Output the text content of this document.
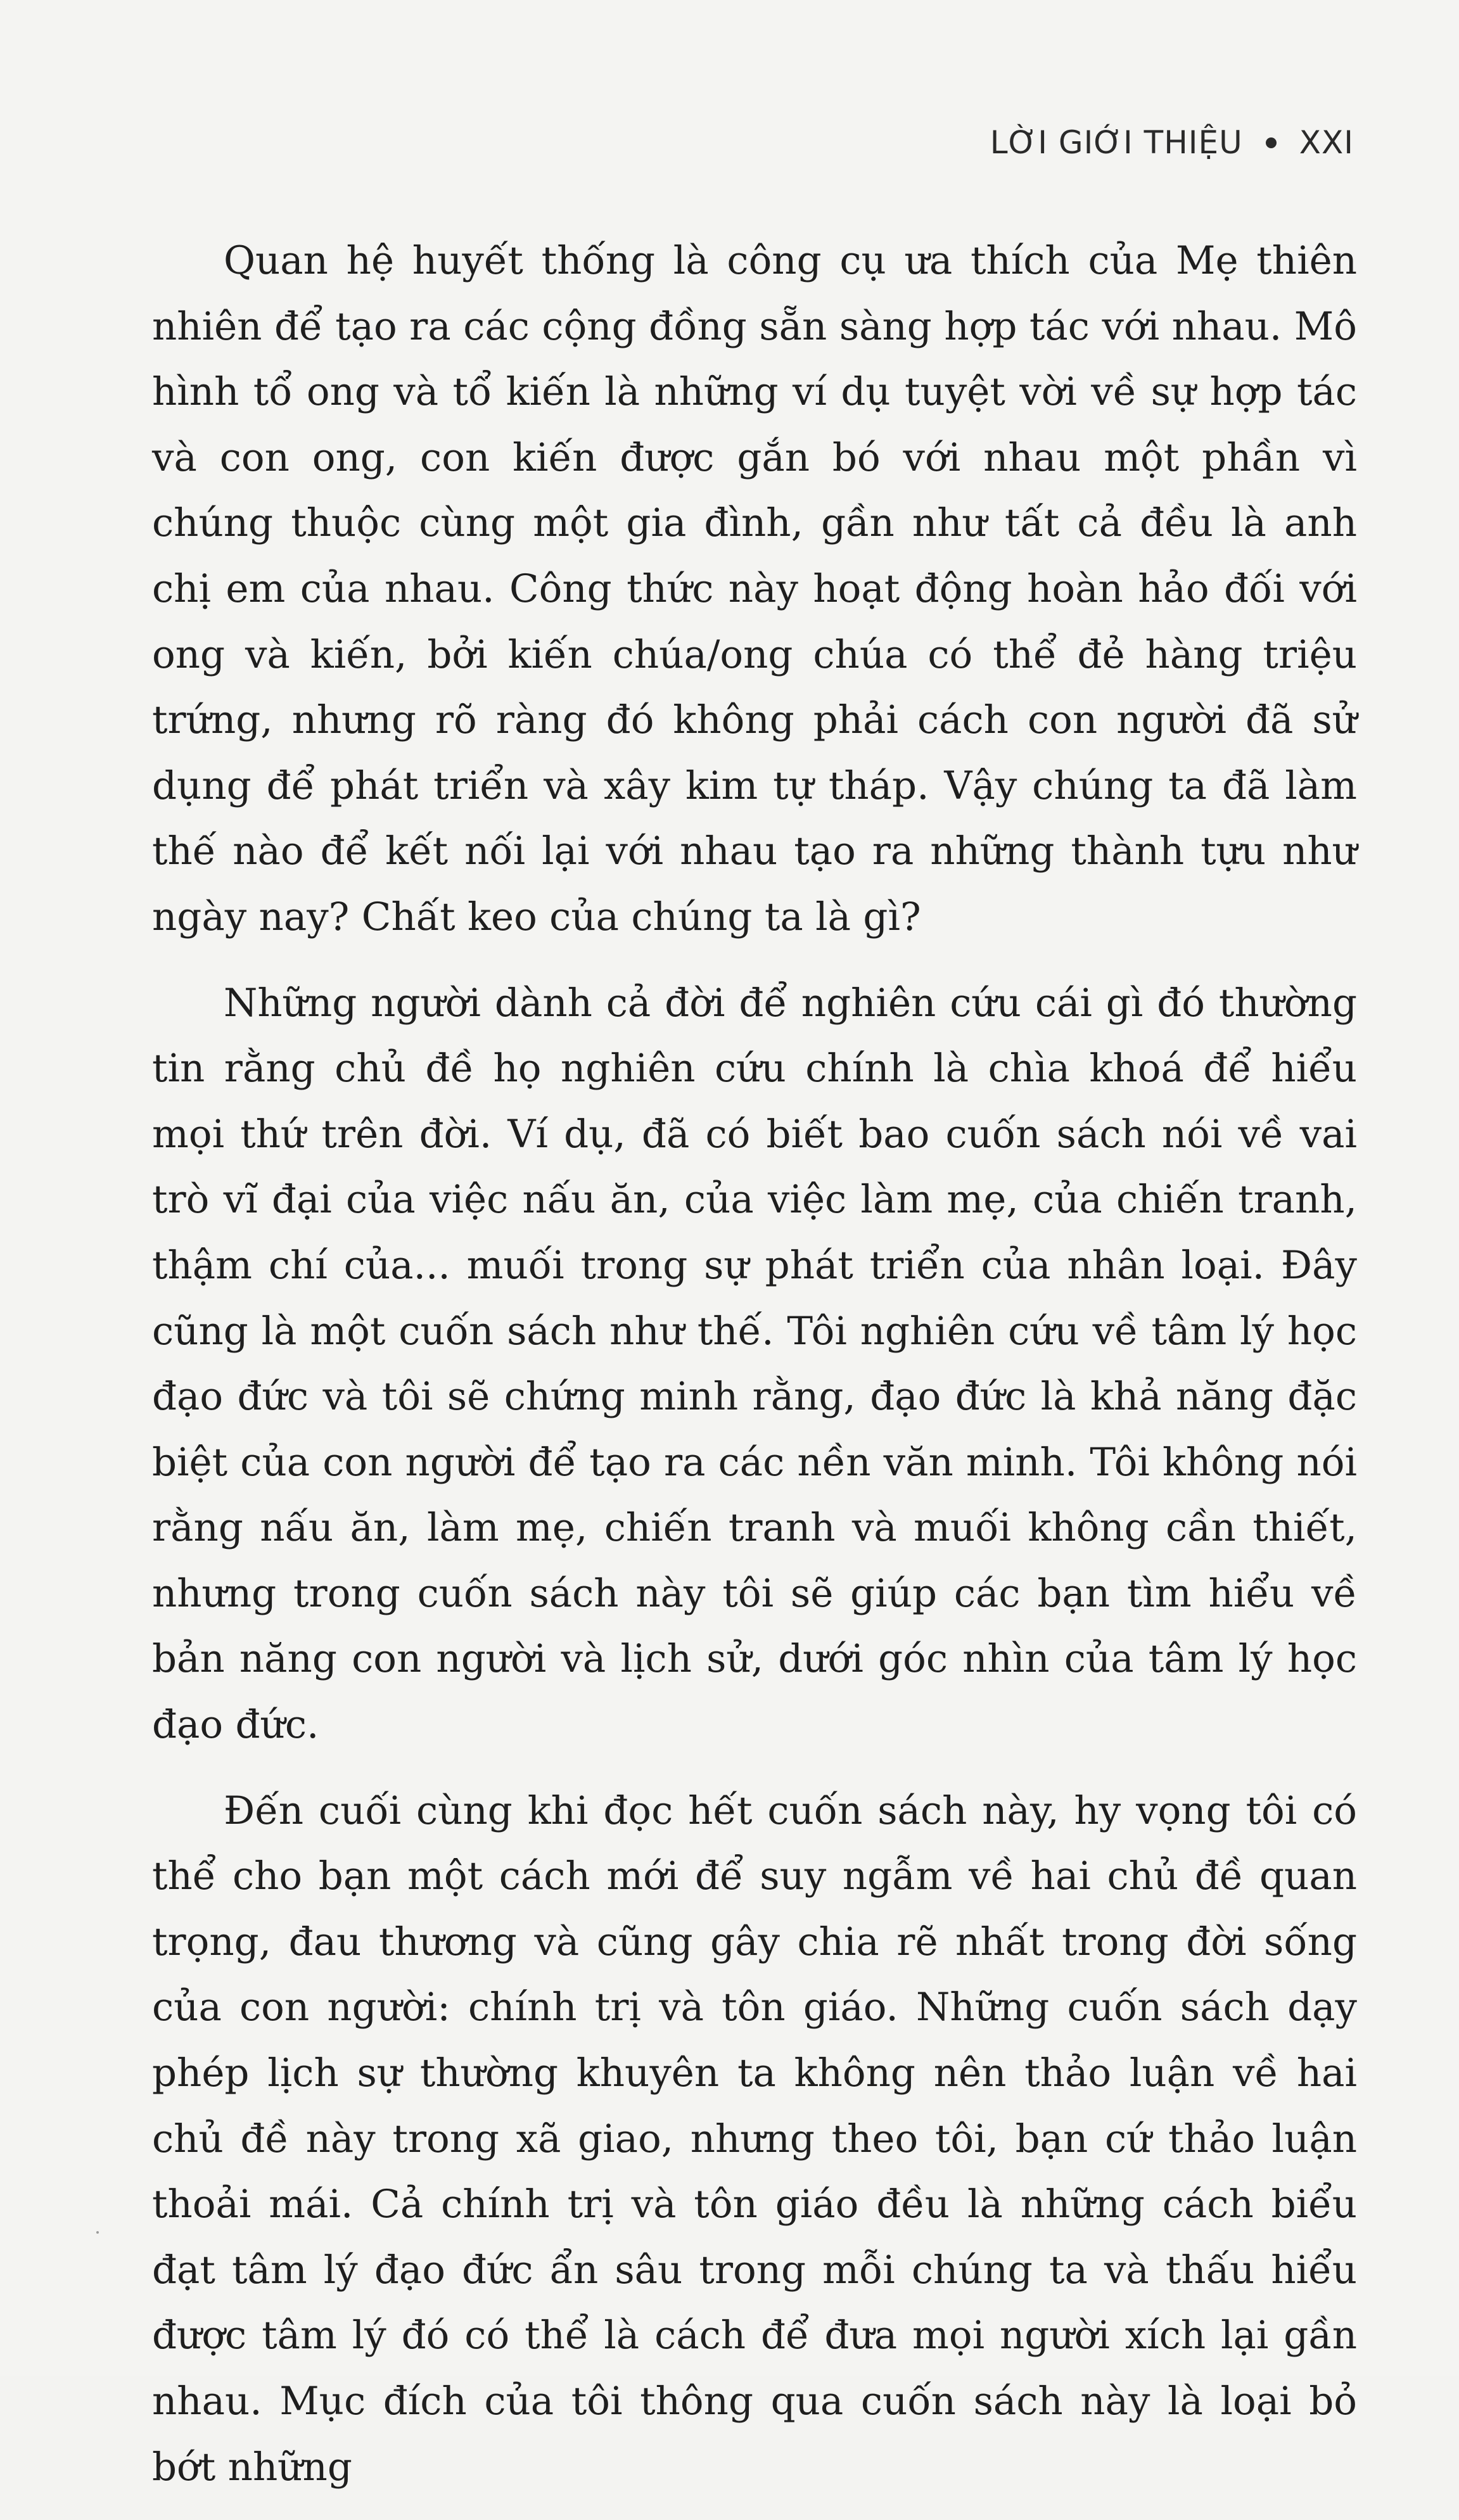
LỜI GIỚI THIỆU XXI

Quan hệ huyết thống là công cụ ưa thích của Mẹ thiên nhiên để tạo ra các cộng đồng sẵn sàng hợp tác với nhau. Mô hình tổ ong và tổ kiến là những ví dụ tuyệt vời về sự hợp tác và con ong, con kiến được gắn bó với nhau một phần vì chúng thuộc cùng một gia đình, gần như tất cả đều là anh chị em của nhau. Công thức này hoạt động hoàn hảo đối với ong và kiến, bởi kiến chúa/ong chúa có thể đẻ hàng triệu trứng, nhưng rõ ràng đó không phải cách con người đã sử dụng để phát triển và xây kim tự tháp. Vậy chúng ta đã làm thế nào để kết nối lại với nhau tạo ra những thành tựu như ngày nay? Chất keo của chúng ta là gì?

Những người dành cả đời để nghiên cứu cái gì đó thường tin rằng chủ đề họ nghiên cứu chính là chìa khoá để hiểu mọi thứ trên đời. Ví dụ, đã có biết bao cuốn sách nói về vai trò vĩ đại của việc nấu ăn, của việc làm mẹ, của chiến tranh, thậm chí của... muối trong sự phát triển của nhân loại. Đây cũng là một cuốn sách như thế. Tôi nghiên cứu về tâm lý học đạo đức và tôi sẽ chứng minh rằng, đạo đức là khả năng đặc biệt của con người để tạo ra các nền văn minh. Tôi không nói rằng nấu ăn, làm mẹ, chiến tranh và muối không cần thiết, nhưng trong cuốn sách này tôi sẽ giúp các bạn tìm hiểu về bản năng con người và lịch sử, dưới góc nhìn của tâm lý học đạo đức.

Đến cuối cùng khi đọc hết cuốn sách này, hy vọng tôi có thể cho bạn một cách mới để suy ngẫm về hai chủ đề quan trọng, đau thương và cũng gây chia rẽ nhất trong đời sống của con người: chính trị và tôn giáo. Những cuốn sách dạy phép lịch sự thường khuyên ta không nên thảo luận về hai chủ đề này trong xã giao, nhưng theo tôi, bạn cứ thảo luận thoải mái. Cả chính trị và tôn giáo đều là những cách biểu đạt tâm lý đạo đức ẩn sâu trong mỗi chúng ta và thấu hiểu được tâm lý đó có thể là cách để đưa mọi người xích lại gần nhau. Mục đích của tôi thông qua cuốn sách này là loại bỏ bớt những
